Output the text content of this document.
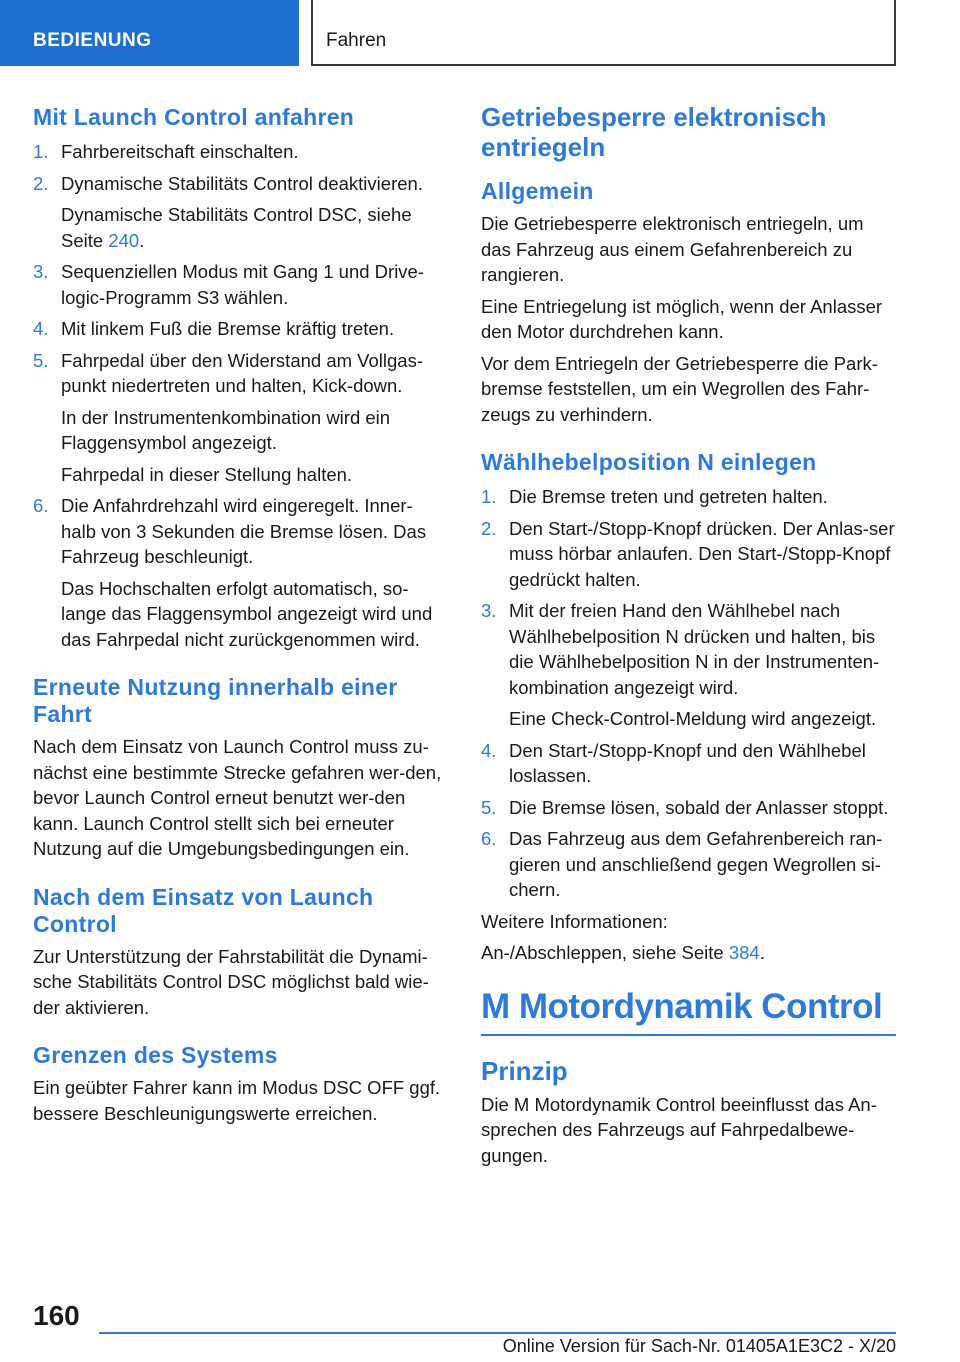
BEDIENUNG	Fahren
Mit Launch Control anfahren
1. Fahrbereitschaft einschalten.
2. Dynamische Stabilitäts Control deaktivieren.
Dynamische Stabilitäts Control DSC, siehe Seite 240.
3. Sequenziellen Modus mit Gang 1 und Drive-logic-Programm S3 wählen.
4. Mit linkem Fuß die Bremse kräftig treten.
5. Fahrpedal über den Widerstand am Vollgas-punkt niedertreten und halten, Kick-down.
In der Instrumentenkombination wird ein Flaggensymbol angezeigt.
Fahrpedal in dieser Stellung halten.
6. Die Anfahrdrehzahl wird eingeregelt. Inner-halb von 3 Sekunden die Bremse lösen. Das Fahrzeug beschleunigt.
Das Hochschalten erfolgt automatisch, so-lange das Flaggensymbol angezeigt wird und das Fahrpedal nicht zurückgenommen wird.
Erneute Nutzung innerhalb einer Fahrt

Nach dem Einsatz von Launch Control muss zu-nächst eine bestimmte Strecke gefahren wer-den, bevor Launch Control erneut benutzt wer-den kann. Launch Control stellt sich bei erneuter Nutzung auf die Umgebungsbedingungen ein.

Nach dem Einsatz von Launch Control

Zur Unterstützung der Fahrstabilität die Dynami-sche Stabilitäts Control DSC möglichst bald wie-der aktivieren.

Grenzen des Systems

Ein geübter Fahrer kann im Modus DSC OFF ggf. bessere Beschleunigungswerte erreichen.

Getriebesperre elektronisch entriegeln
Allgemein

Die Getriebesperre elektronisch entriegeln, um das Fahrzeug aus einem Gefahrenbereich zu rangieren.

Eine Entriegelung ist möglich, wenn der Anlasser den Motor durchdrehen kann.

Vor dem Entriegeln der Getriebesperre die Park-bremse feststellen, um ein Wegrollen des Fahr-zeugs zu verhindern.

Wählhebelposition N einlegen
1. Die Bremse treten und getreten halten.
2. Den Start-/Stopp-Knopf drücken. Der Anlas-ser muss hörbar anlaufen. Den Start-/Stopp-Knopf gedrückt halten.
3. Mit der freien Hand den Wählhebel nach Wählhebelposition N drücken und halten, bis die Wählhebelposition N in der Instrumenten-kombination angezeigt wird.
Eine Check-Control-Meldung wird angezeigt.
4. Den Start-/Stopp-Knopf und den Wählhebel loslassen.
5. Die Bremse lösen, sobald der Anlasser stoppt.
6. Das Fahrzeug aus dem Gefahrenbereich ran-gieren und anschließend gegen Wegrollen si-chern.

Weitere Informationen:

An-/Abschleppen, siehe Seite 384.

M Motordynamik Control
Prinzip

Die M Motordynamik Control beeinflusst das An-sprechen des Fahrzeugs auf Fahrpedalbewe-gungen.

160
Online Version für Sach-Nr. 01405A1E3C2 - X/20
